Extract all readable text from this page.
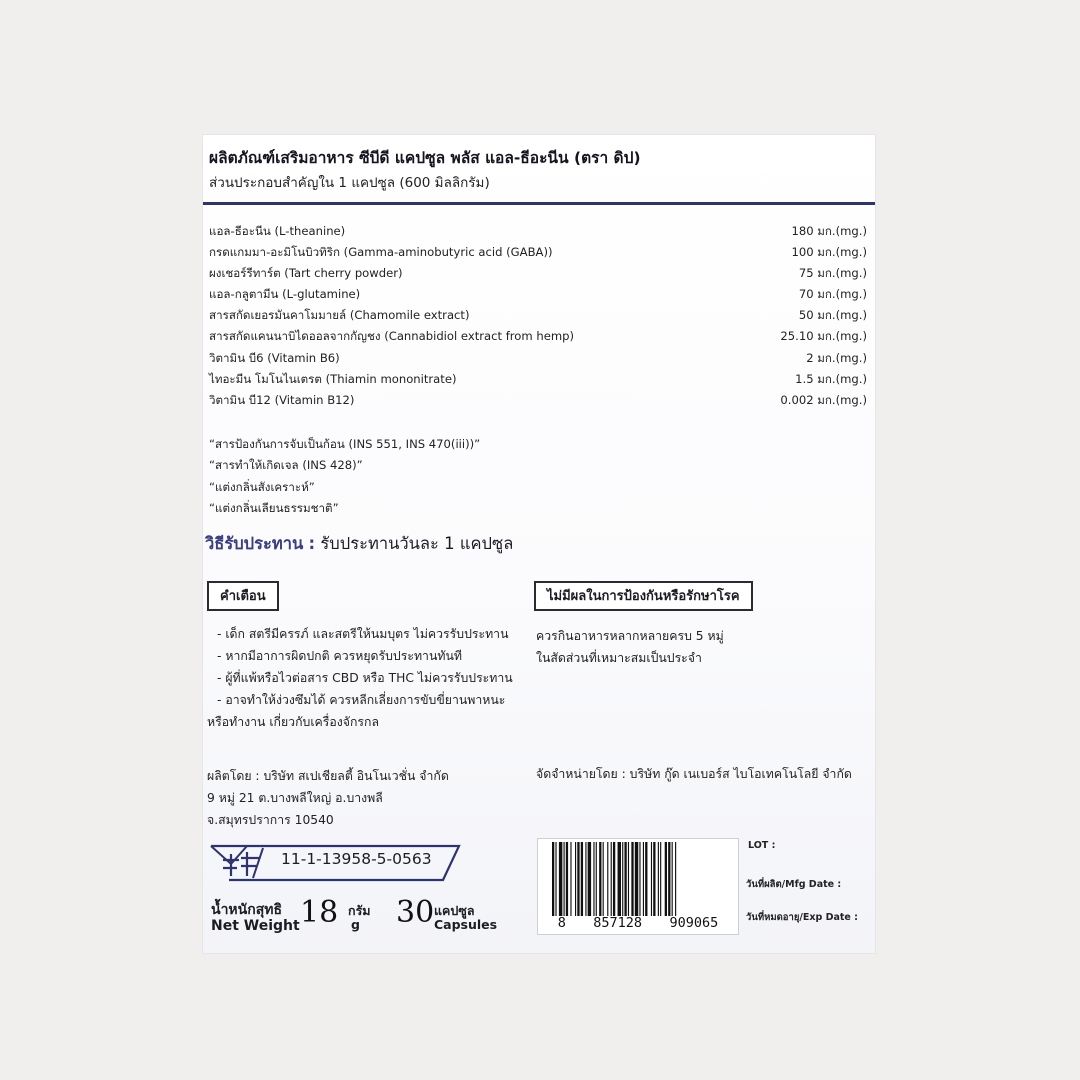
ผลิตภัณฑ์เสริมอาหาร ซีบีดี แคปซูล พลัส แอล-ธีอะนีน (ตรา ดิป)
ส่วนประกอบสำคัญใน 1 แคปซูล (600 มิลลิกรัม)
แอล-ธีอะนีน (L-theanine)	180 มก.(mg.)
กรดแกมมา-อะมิโนบิวทิริก (Gamma-aminobutyric acid (GABA))	100 มก.(mg.)
ผงเชอร์รีทาร์ต (Tart cherry powder)	75 มก.(mg.)
แอล-กลูตามีน (L-glutamine)	70 มก.(mg.)
สารสกัดเยอรมันคาโมมายล์ (Chamomile extract)	50 มก.(mg.)
สารสกัดแคนนาบิไดออลจากกัญชง (Cannabidiol extract from hemp)	25.10 มก.(mg.)
วิตามิน บี6 (Vitamin B6)	2 มก.(mg.)
ไทอะมีน โมโนไนเตรต (Thiamin mononitrate)	1.5 มก.(mg.)
วิตามิน บี12 (Vitamin B12)	0.002 มก.(mg.)
“สารป้องกันการจับเป็นก้อน (INS 551, INS 470(iii))”
“สารทำให้เกิดเจล (INS 428)”
“แต่งกลิ่นสังเคราะห์”
“แต่งกลิ่นเลียนธรรมชาติ”
วิธีรับประทาน : รับประทานวันละ 1 แคปซูล
คำเตือน	ไม่มีผลในการป้องกันหรือรักษาโรค
- เด็ก สตรีมีครรภ์ และสตรีให้นมบุตร ไม่ควรรับประทาน
- หากมีอาการผิดปกติ ควรหยุดรับประทานทันที
- ผู้ที่แพ้หรือไวต่อสาร CBD หรือ THC ไม่ควรรับประทาน
- อาจทำให้ง่วงซึมได้ ควรหลีกเลี่ยงการขับขี่ยานพาหนะ
หรือทำงาน เกี่ยวกับเครื่องจักรกล
ควรกินอาหารหลากหลายครบ 5 หมู่
ในสัดส่วนที่เหมาะสมเป็นประจำ
ผลิตโดย : บริษัท สเปเชียลตี้ อินโนเวชั่น จำกัด
9 หมู่ 21 ต.บางพลีใหญ่ อ.บางพลี
จ.สมุทรปราการ 10540
จัดจำหน่ายโดย : บริษัท กู๊ด เนเบอร์ส ไบโอเทคโนโลยี จำกัด
11-1-13958-5-0563
8 857128 909065
LOT :
วันที่ผลิต/Mfg Date :
วันที่หมดอายุ/Exp Date :
น้ำหนักสุทธิ
Net Weight 18 กรัม
g 30 แคปซูล
Capsules
